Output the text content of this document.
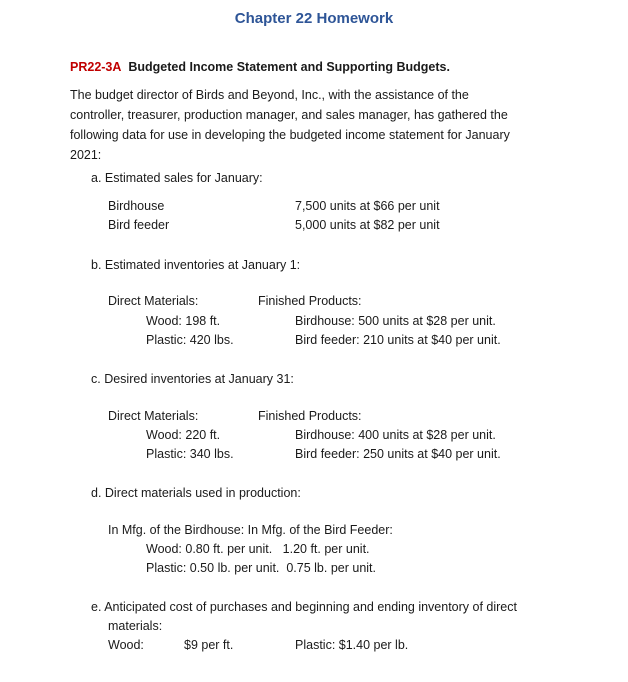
Chapter 22 Homework
PR22-3A Budgeted Income Statement and Supporting Budgets.
The budget director of Birds and Beyond, Inc., with the assistance of the
controller, treasurer, production manager, and sales manager, has gathered the
following data for use in developing the budgeted income statement for January
2021:
a. Estimated sales for January:
Birdhouse	7,500 units at $66 per unit
Bird feeder	5,000 units at $82 per unit
b. Estimated inventories at January 1:
Direct Materials:	Finished Products:
Wood: 198 ft.	Birdhouse: 500 units at $28 per unit.
Plastic: 420 lbs.	Bird feeder: 210 units at $40 per unit.
c. Desired inventories at January 31:
Direct Materials:	Finished Products:
Wood: 220 ft.	Birdhouse: 400 units at $28 per unit.
Plastic: 340 lbs.	Bird feeder: 250 units at $40 per unit.
d. Direct materials used in production:
In Mfg. of the Birdhouse: In Mfg. of the Bird Feeder:
Wood: 0.80 ft. per unit.   1.20 ft. per unit.
Plastic: 0.50 lb. per unit.  0.75 lb. per unit.
e. Anticipated cost of purchases and beginning and ending inventory of direct
materials:
Wood:	$9 per ft.	Plastic: $1.40 per lb.
